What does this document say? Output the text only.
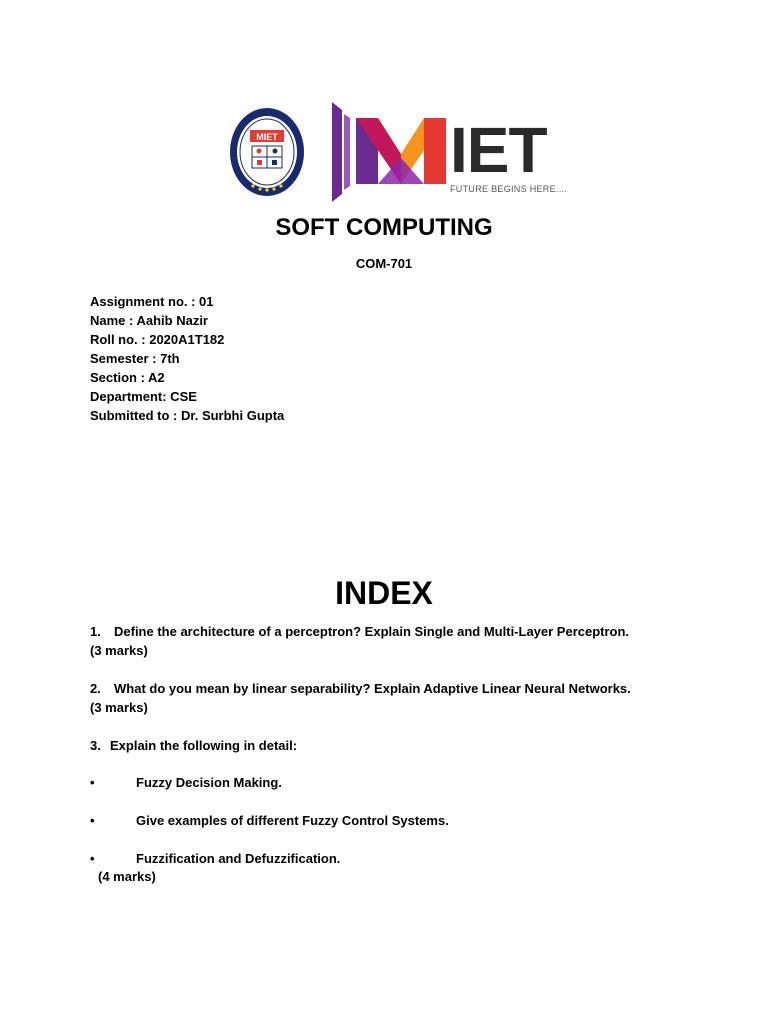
MIET	IET
FUTURE BEGINS HERE....
SOFT COMPUTING
COM-701
Assignment no. : 01
Name : Aahib Nazir
Roll no. : 2020A1T182
Semester : 7th
Section : A2
Department: CSE
Submitted to : Dr. Surbhi Gupta
INDEX
1. Define the architecture of a perceptron? Explain Single and Multi-Layer Perceptron.
(3 marks)
2. What do you mean by linear separability? Explain Adaptive Linear Neural Networks.
(3 marks)
3. Explain the following in detail:
•	Fuzzy Decision Making.
•	Give examples of different Fuzzy Control Systems.
•	Fuzzification and Defuzzification.
(4 marks)
